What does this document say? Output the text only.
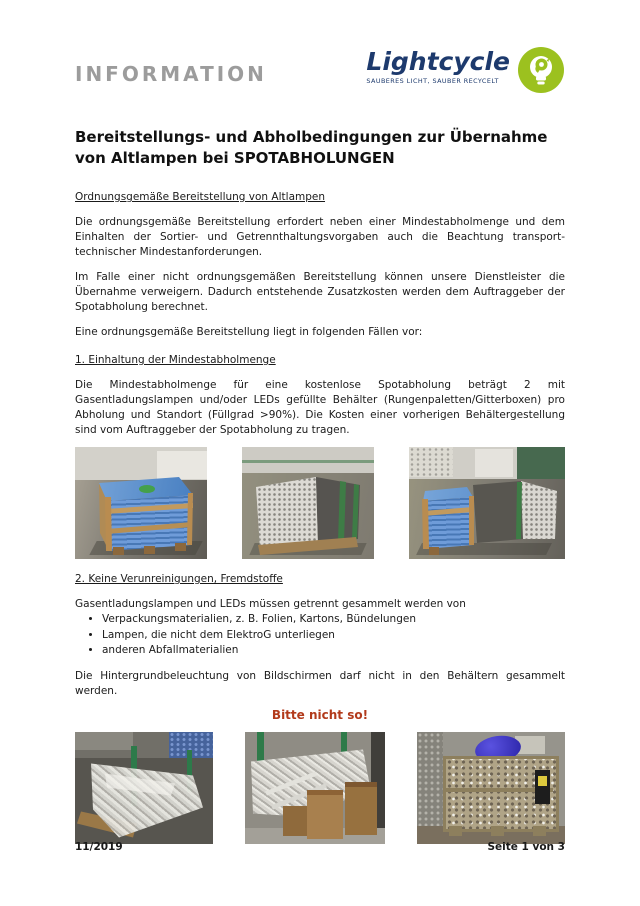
INFORMATION	Lightcycle
SAUBERES LICHT, SAUBER RECYCELT
Bereitstellungs- und Abholbedingungen zur Übernahme von Altlampen bei SPOTABHOLUNGEN
Ordnungsgemäße Bereitstellung von Altlampen

Die ordnungsgemäße Bereitstellung erfordert neben einer Mindestabholmenge und dem Einhalten der Sortier- und Getrennthaltungsvorgaben auch die Beachtung transport-technischer Mindestanforderungen.

Im Falle einer nicht ordnungsgemäßen Bereitstellung können unsere Dienstleister die Übernahme verweigern. Dadurch entstehende Zusatzkosten werden dem Auftraggeber der Spotabholung berechnet.

Eine ordnungsgemäße Bereitstellung liegt in folgenden Fällen vor:

1. Einhaltung der Mindestabholmenge

Die Mindestabholmenge für eine kostenlose Spotabholung beträgt 2 mit Gasentladungslampen und/oder LEDs gefüllte Behälter (Rungenpaletten/Gitterboxen) pro Abholung und Standort (Füllgrad >90%). Die Kosten einer vorherigen Behältergestellung sind vom Auftraggeber der Spotabholung zu tragen.

2. Keine Verunreinigungen, Fremdstoffe

Gasentladungslampen und LEDs müssen getrennt gesammelt werden von

• Verpackungsmaterialien, z. B. Folien, Kartons, Bündelungen
• Lampen, die nicht dem ElektroG unterliegen
• anderen Abfallmaterialien

Die Hintergrundbeleuchtung von Bildschirmen darf nicht in den Behältern gesammelt werden.

Bitte nicht so!
11/2019	Seite 1 von 3
